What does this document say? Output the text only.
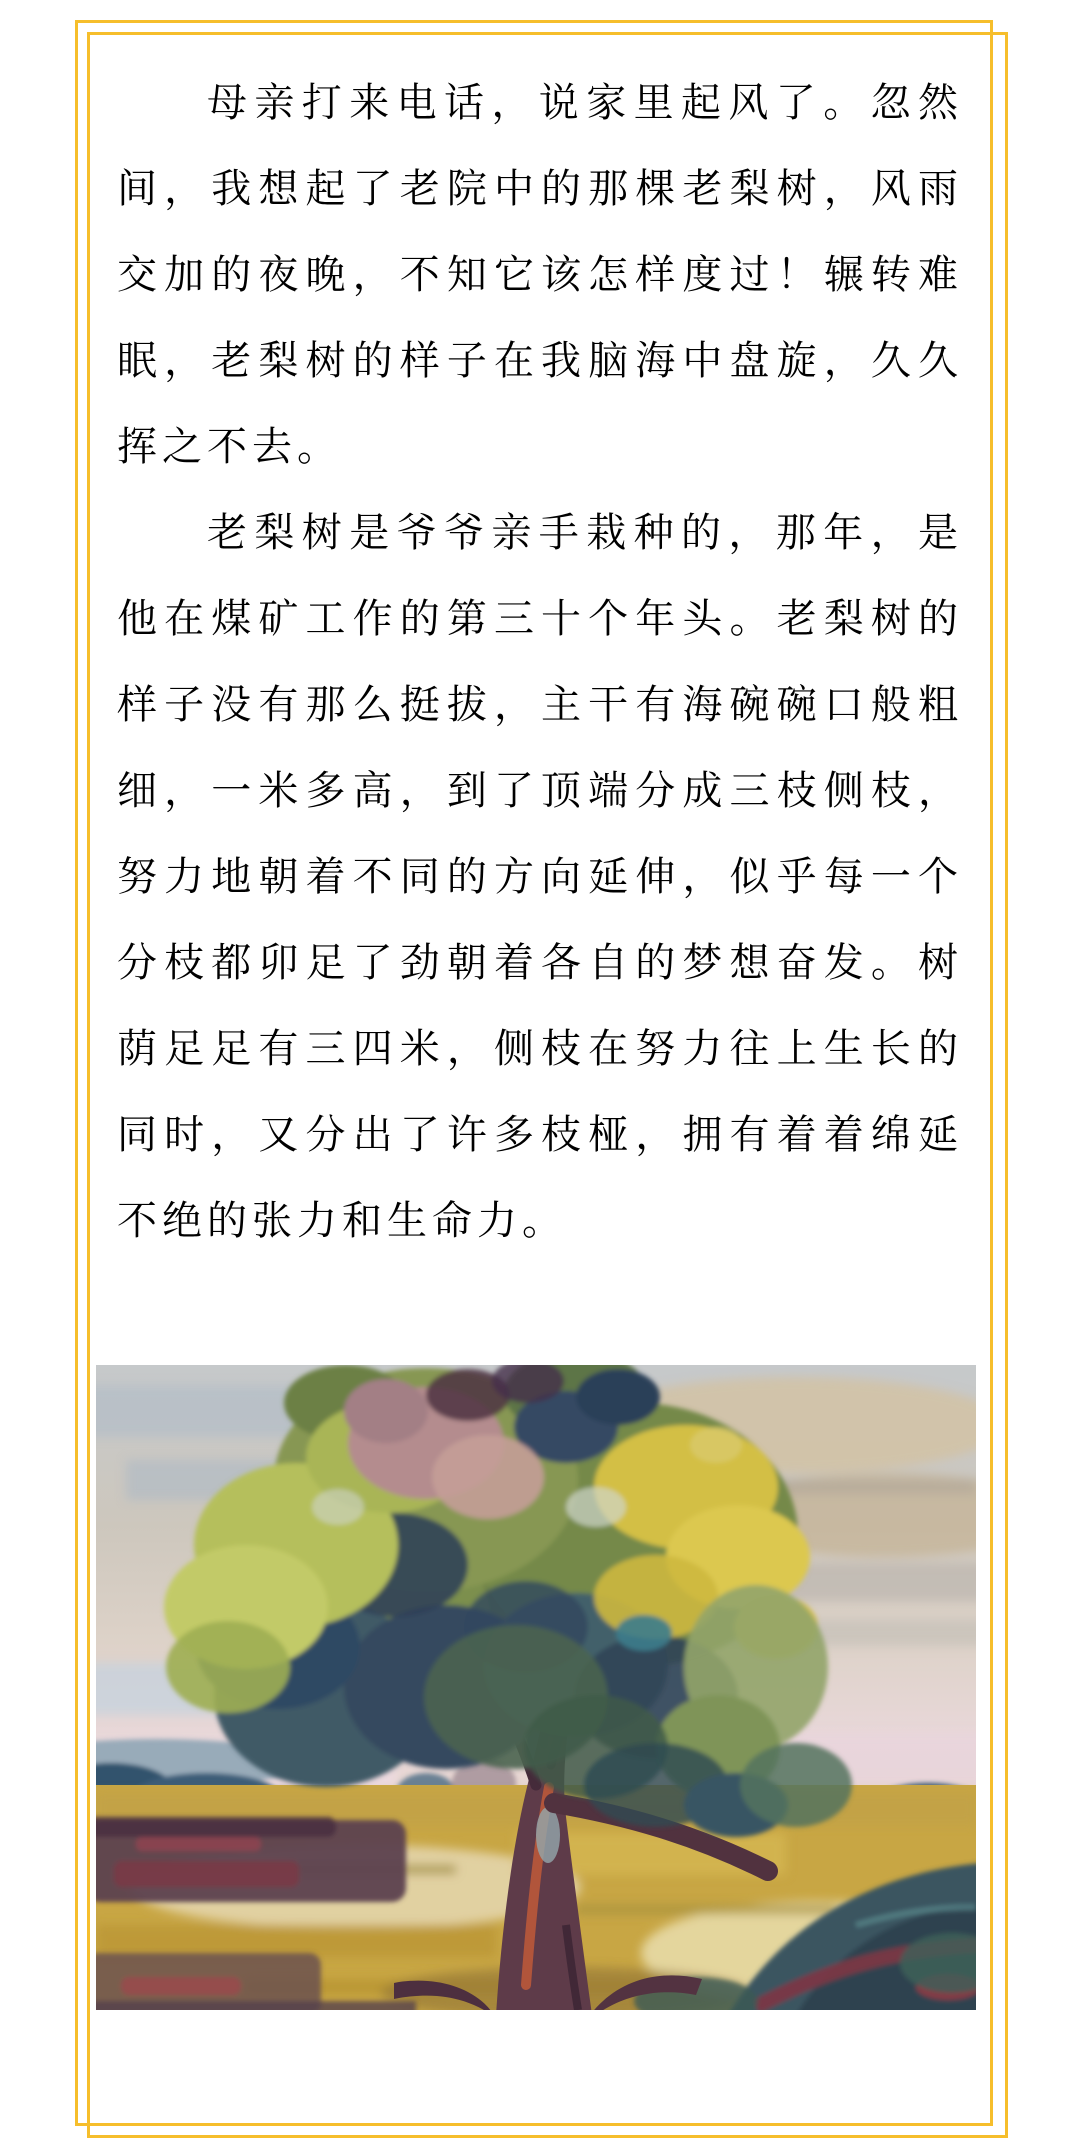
母亲打来电话，说家里起风了。忽然间，我想起了老院中的那棵老梨树，风雨交加的夜晚，不知它该怎样度过！辗转难眠，老梨树的样子在我脑海中盘旋，久久挥之不去。

老梨树是爷爷亲手栽种的，那年，是他在煤矿工作的第三十个年头。老梨树的样子没有那么挺拔，主干有海碗碗口般粗细，一米多高，到了顶端分成三枝侧枝，努力地朝着不同的方向延伸，似乎每一个分枝都卯足了劲朝着各自的梦想奋发。树荫足足有三四米，侧枝在努力往上生长的同时，又分出了许多枝桠，拥有着着绵延不绝的张力和生命力。
